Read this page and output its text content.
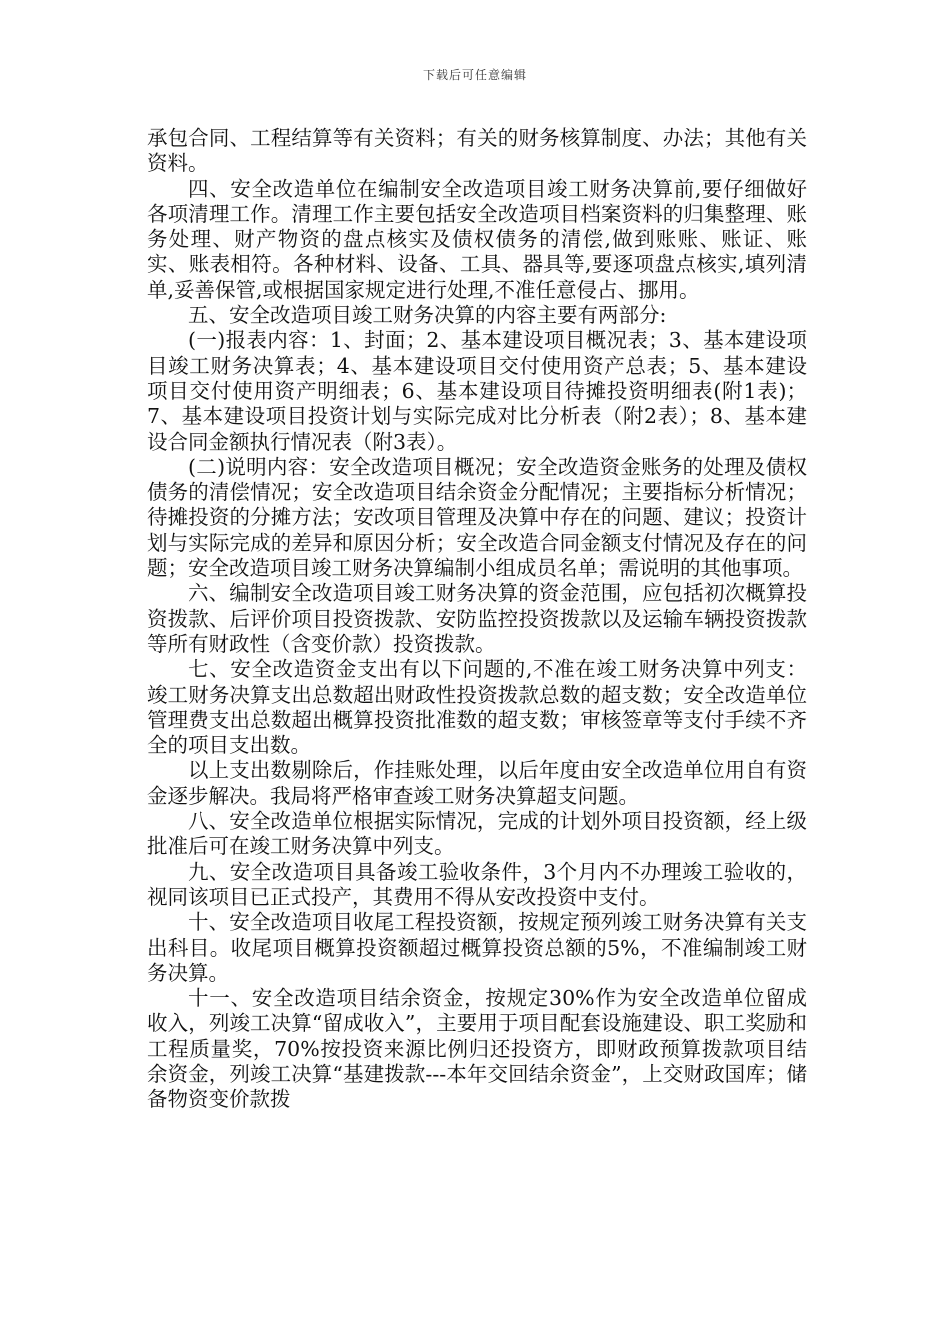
下载后可任意编辑

承包合同、工程结算等有关资料；有关的财务核算制度、办法；其他有关资料。

四、安全改造单位在编制安全改造项目竣工财务决算前,要仔细做好各项清理工作。清理工作主要包括安全改造项目档案资料的归集整理、账务处理、财产物资的盘点核实及债权债务的清偿,做到账账、账证、账实、账表相符。各种材料、设备、工具、器具等,要逐项盘点核实,填列清单,妥善保管,或根据国家规定进行处理,不准任意侵占、挪用。

五、安全改造项目竣工财务决算的内容主要有两部分:

(一)报表内容：1、封面；2、基本建设项目概况表；3、基本建设项目竣工财务决算表；4、基本建设项目交付使用资产总表；5、基本建设项目交付使用资产明细表；6、基本建设项目待摊投资明细表(附1表)；7、基本建设项目投资计划与实际完成对比分析表（附2表）；8、基本建设合同金额执行情况表（附3表）。

(二)说明内容：安全改造项目概况；安全改造资金账务的处理及债权债务的清偿情况；安全改造项目结余资金分配情况；主要指标分析情况；待摊投资的分摊方法；安改项目管理及决算中存在的问题、建议；投资计划与实际完成的差异和原因分析；安全改造合同金额支付情况及存在的问题；安全改造项目竣工财务决算编制小组成员名单；需说明的其他事项。

六、编制安全改造项目竣工财务决算的资金范围，应包括初次概算投资拨款、后评价项目投资拨款、安防监控投资拨款以及运输车辆投资拨款等所有财政性（含变价款）投资拨款。

七、安全改造资金支出有以下问题的,不准在竣工财务决算中列支：竣工财务决算支出总数超出财政性投资拨款总数的超支数；安全改造单位管理费支出总数超出概算投资批准数的超支数；审核签章等支付手续不齐全的项目支出数。

以上支出数剔除后，作挂账处理，以后年度由安全改造单位用自有资金逐步解决。我局将严格审查竣工财务决算超支问题。

八、安全改造单位根据实际情况，完成的计划外项目投资额，经上级批准后可在竣工财务决算中列支。

九、安全改造项目具备竣工验收条件，3个月内不办理竣工验收的，视同该项目已正式投产，其费用不得从安改投资中支付。

十、安全改造项目收尾工程投资额，按规定预列竣工财务决算有关支出科目。收尾项目概算投资额超过概算投资总额的5%，不准编制竣工财务决算。

十一、安全改造项目结余资金，按规定30%作为安全改造单位留成收入，列竣工决算“留成收入”，主要用于项目配套设施建设、职工奖励和工程质量奖，70%按投资来源比例归还投资方，即财政预算拨款项目结余资金，列竣工决算“基建拨款---本年交回结余资金”，上交财政国库；储备物资变价款拨
